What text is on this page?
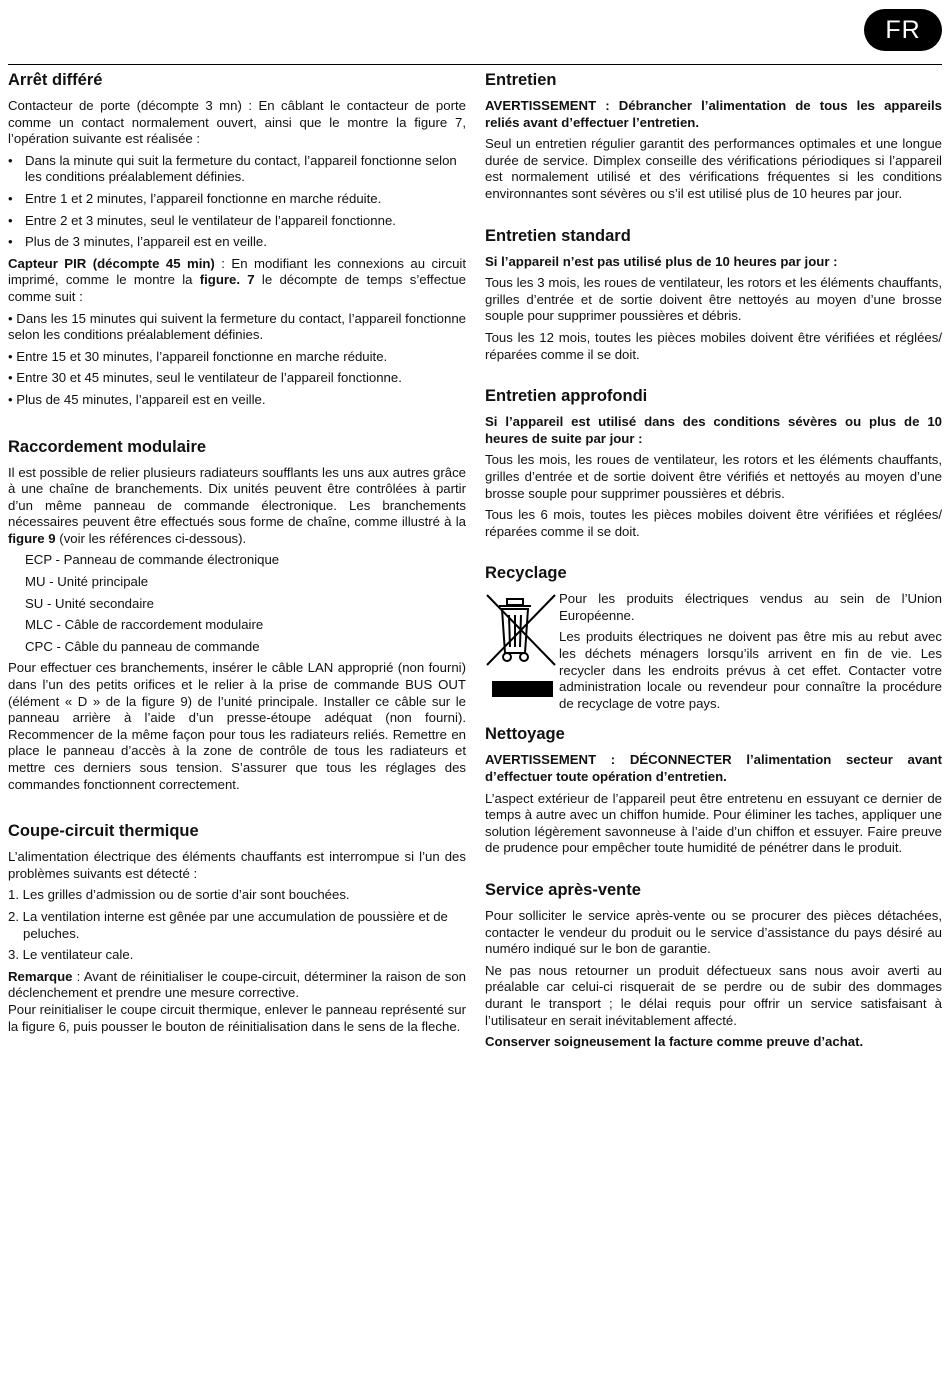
FR
Arrêt différé

Contacteur de porte (décompte 3 mn) : En câblant le contacteur de porte comme un contact normalement ouvert, ainsi que le montre la figure 7, l’opération suivante est réalisée :

• Dans la minute qui suit la fermeture du contact, l’appareil fonctionne selon les conditions préalablement définies.

• Entre 1 et 2 minutes, l’appareil fonctionne en marche réduite.

• Entre 2 et 3 minutes, seul le ventilateur de l’appareil fonctionne.

• Plus de 3 minutes, l’appareil est en veille.

Capteur PIR (décompte 45 min) : En modifiant les connexions au circuit imprimé, comme le montre la figure. 7 le décompte de temps s’effectue comme suit :

• Dans les 15 minutes qui suivent la fermeture du contact, l’appareil fonctionne selon les conditions préalablement définies.

• Entre 15 et 30 minutes, l’appareil fonctionne en marche réduite.

• Entre 30 et 45 minutes, seul le ventilateur de l’appareil fonctionne.

• Plus de 45 minutes, l’appareil est en veille.

Raccordement modulaire

Il est possible de relier plusieurs radiateurs soufflants les uns aux autres grâce à une chaîne de branchements. Dix unités peuvent être contrôlées à partir d’un même panneau de commande électronique. Les branchements nécessaires peuvent être effectués sous forme de chaîne, comme illustré à la figure 9 (voir les références ci-dessous).

ECP - Panneau de commande électronique

MU - Unité principale

SU - Unité secondaire

MLC - Câble de raccordement modulaire

CPC - Câble du panneau de commande

Pour effectuer ces branchements, insérer le câble LAN approprié (non fourni) dans l’un des petits orifices et le relier à la prise de commande BUS OUT (élément « D » de la figure 9) de l’unité principale. Installer ce câble sur le panneau arrière à l’aide d’un presse-étoupe adéquat (non fourni). Recommencer de la même façon pour tous les radiateurs reliés. Remettre en place le panneau d’accès à la zone de contrôle de tous les radiateurs et mettre ces derniers sous tension. S’assurer que tous les réglages des commandes fonctionnent correctement.

Coupe-circuit thermique

L’alimentation électrique des éléments chauffants est interrompue si l’un des problèmes suivants est détecté :

1. Les grilles d’admission ou de sortie d’air sont bouchées.

2. La ventilation interne est gênée par une accumulation de poussière et de peluches.

3. Le ventilateur cale.

Remarque : Avant de réinitialiser le coupe-circuit, déterminer la raison de son déclenchement et prendre une mesure corrective.

Pour reinitialiser le coupe circuit thermique, enlever le panneau représenté sur la figure 6, puis pousser le bouton de réinitialisation dans le sens de la fleche.

Entretien

AVERTISSEMENT : Débrancher l’alimentation de tous les appareils reliés avant d’effectuer l’entretien.

Seul un entretien régulier garantit des performances optimales et une longue durée de service. Dimplex conseille des vérifications périodiques si l’appareil est normalement utilisé et des vérifications fréquentes si les conditions environnantes sont sévères ou s’il est utilisé plus de 10 heures par jour.

Entretien standard

Si l’appareil n’est pas utilisé plus de 10 heures par jour :

Tous les 3 mois, les roues de ventilateur, les rotors et les éléments chauffants, grilles d’entrée et de sortie doivent être nettoyés au moyen d’une brosse souple pour supprimer poussières et débris.

Tous les 12 mois, toutes les pièces mobiles doivent être vérifiées et réglées/ réparées comme il se doit.

Entretien approfondi

Si l’appareil est utilisé dans des conditions sévères ou plus de 10 heures de suite par jour :

Tous les mois, les roues de ventilateur, les rotors et les éléments chauffants, grilles d’entrée et de sortie doivent être vérifiés et nettoyés au moyen d’une brosse souple pour supprimer poussières et débris.

Tous les 6 mois, toutes les pièces mobiles doivent être vérifiées et réglées/ réparées comme il se doit.

Recyclage

Pour les produits électriques vendus au sein de l’Union Européenne.

Les produits électriques ne doivent pas être mis au rebut avec les déchets ménagers lorsqu’ils arrivent en fin de vie. Les recycler dans les endroits prévus à cet effet. Contacter votre administration locale ou revendeur pour connaître la procédure de recyclage de votre pays.

Nettoyage

AVERTISSEMENT : DÉCONNECTER l’alimentation secteur avant d’effectuer toute opération d’entretien.

L’aspect extérieur de l’appareil peut être entretenu en essuyant ce dernier de temps à autre avec un chiffon humide. Pour éliminer les taches, appliquer une solution légèrement savonneuse à l’aide d’un chiffon et essuyer. Faire preuve de prudence pour empêcher toute humidité de pénétrer dans le produit.

Service après-vente

Pour solliciter le service après-vente ou se procurer des pièces détachées, contacter le vendeur du produit ou le service d’assistance du pays désiré au numéro indiqué sur le bon de garantie.

Ne pas nous retourner un produit défectueux sans nous avoir averti au préalable car celui-ci risquerait de se perdre ou de subir des dommages durant le transport ; le délai requis pour offrir un service satisfaisant à l’utilisateur en serait inévitablement affecté.

Conserver soigneusement la facture comme preuve d’achat.
